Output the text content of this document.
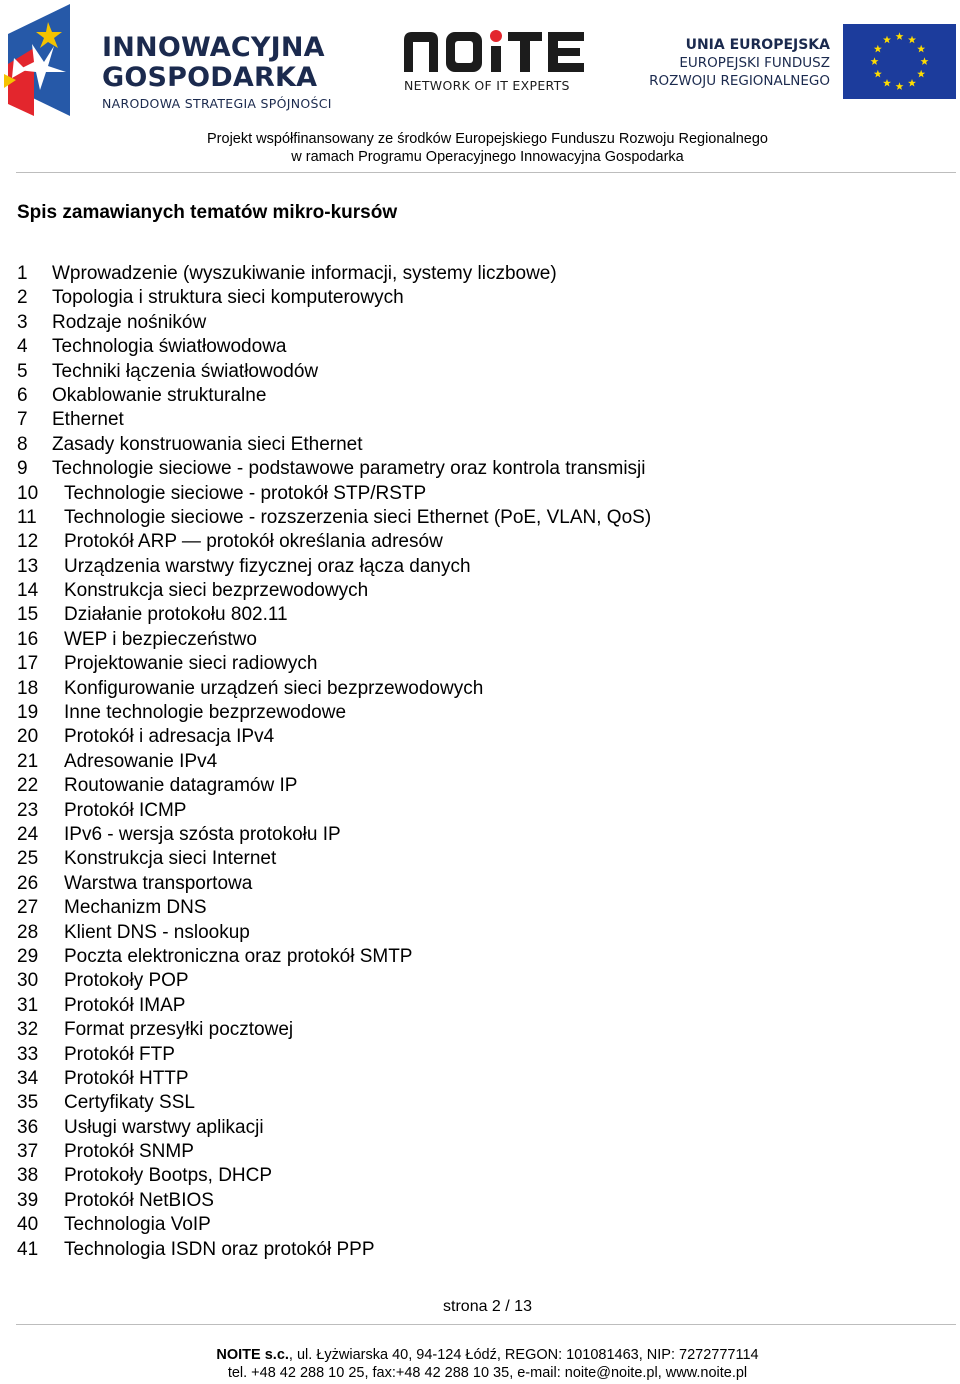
INNOWACYJNA
GOSPODARKA
NARODOWA STRATEGIA SPÓJNOŚCI
NETWORK OF IT EXPERTS
UNIA EUROPEJSKA
EUROPEJSKI FUNDUSZ
ROZWOJU REGIONALNEGO
Projekt współfinansowany ze środków Europejskiego Funduszu Rozwoju Regionalnego
w ramach Programu Operacyjnego Innowacyjna Gospodarka
Spis zamawianych tematów mikro-kursów
1 Wprowadzenie (wyszukiwanie informacji, systemy liczbowe)
2 Topologia i struktura sieci komputerowych
3 Rodzaje nośników
4 Technologia światłowodowa
5 Techniki łączenia światłowodów
6 Okablowanie strukturalne
7 Ethernet
8 Zasady konstruowania sieci Ethernet
9 Technologie sieciowe - podstawowe parametry oraz kontrola transmisji
10 Technologie sieciowe - protokół STP/RSTP
11 Technologie sieciowe - rozszerzenia sieci Ethernet (PoE, VLAN, QoS)
12 Protokół ARP — protokół określania adresów
13 Urządzenia warstwy fizycznej oraz łącza danych
14 Konstrukcja sieci bezprzewodowych
15 Działanie protokołu 802.11
16 WEP i bezpieczeństwo
17 Projektowanie sieci radiowych
18 Konfigurowanie urządzeń sieci bezprzewodowych
19 Inne technologie bezprzewodowe
20 Protokół i adresacja IPv4
21 Adresowanie IPv4
22 Routowanie datagramów IP
23 Protokół ICMP
24 IPv6 - wersja szósta protokołu IP
25 Konstrukcja sieci Internet
26 Warstwa transportowa
27 Mechanizm DNS
28 Klient DNS - nslookup
29 Poczta elektroniczna oraz protokół SMTP
30 Protokoły POP
31 Protokół IMAP
32 Format przesyłki pocztowej
33 Protokół FTP
34 Protokół HTTP
35 Certyfikaty SSL
36 Usługi warstwy aplikacji
37 Protokół SNMP
38 Protokoły Bootps, DHCP
39 Protokół NetBIOS
40 Technologia VoIP
41 Technologia ISDN oraz protokół PPP
strona 2 / 13
NOITE s.c., ul. Łyżwiarska 40, 94-124 Łódź, REGON: 101081463, NIP: 7272777114
tel. +48 42 288 10 25, fax:+48 42 288 10 35, e-mail: noite@noite.pl, www.noite.pl
